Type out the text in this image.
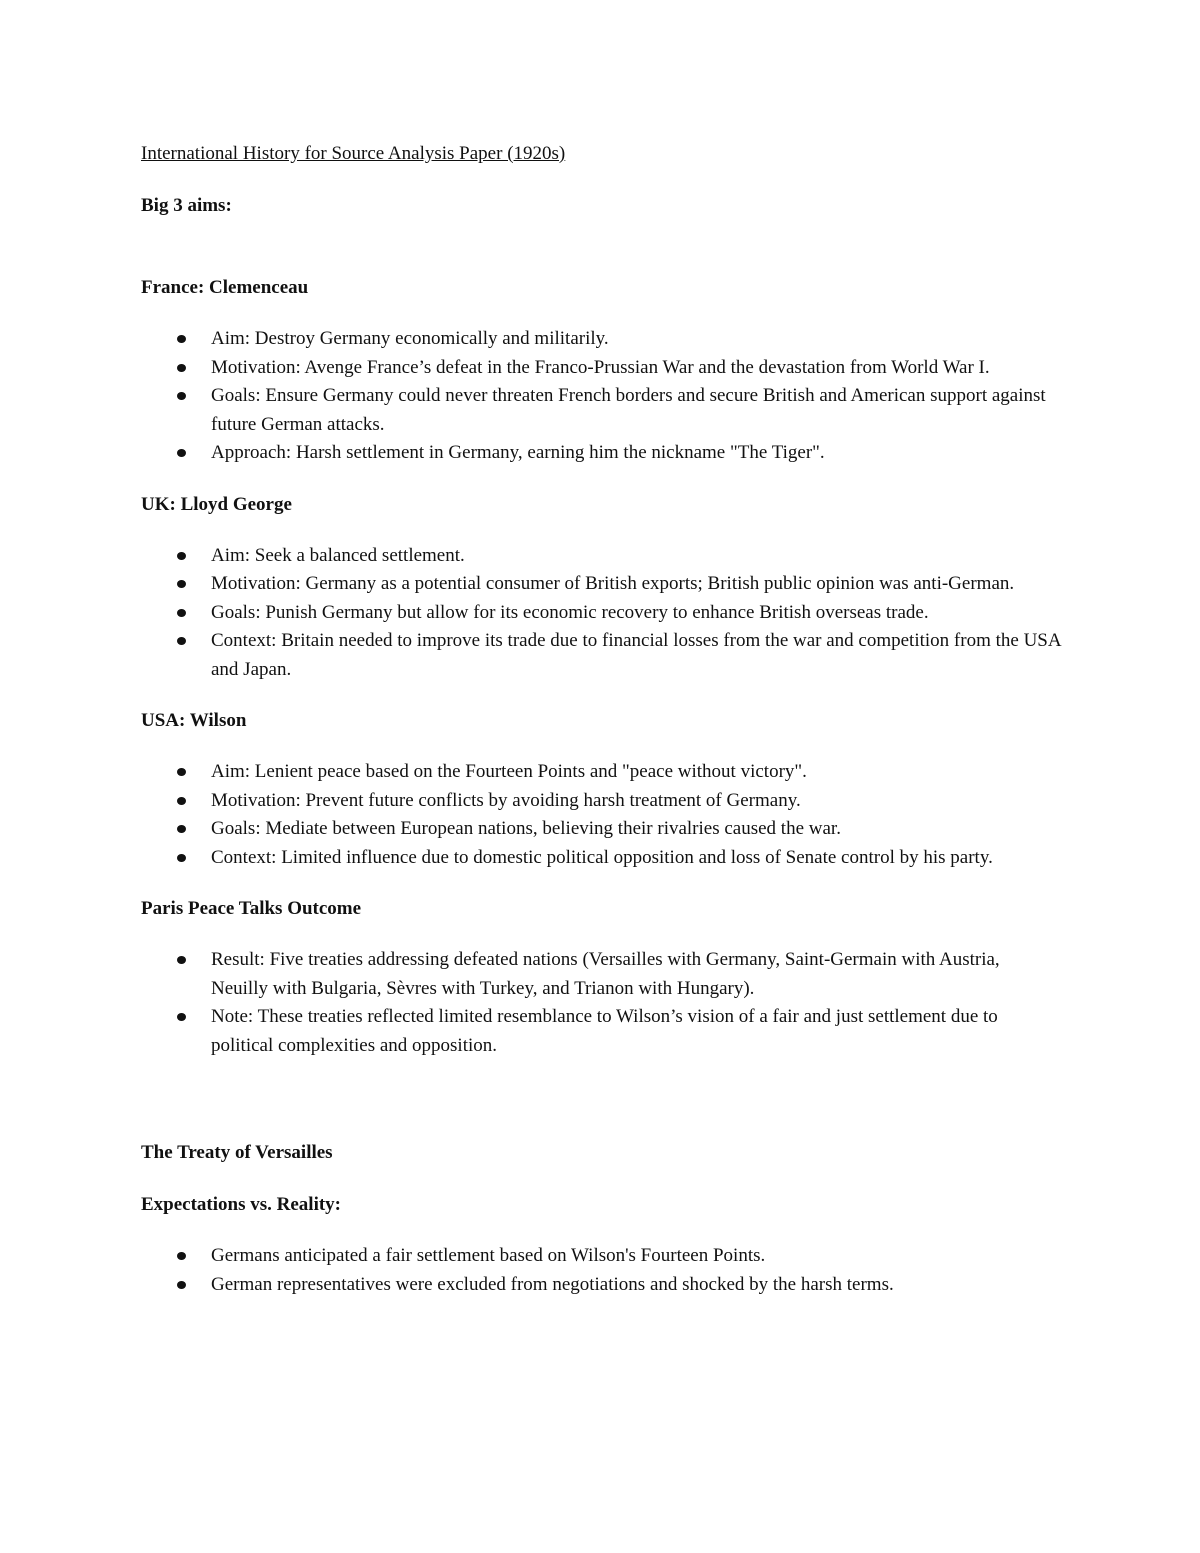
International History for Source Analysis Paper (1920s)
Big 3 aims:
France: Clemenceau
Aim: Destroy Germany economically and militarily.
Motivation: Avenge France’s defeat in the Franco-Prussian War and the devastation from World War I.
Goals: Ensure Germany could never threaten French borders and secure British and American support against future German attacks.
Approach: Harsh settlement in Germany, earning him the nickname "The Tiger".
UK: Lloyd George
Aim: Seek a balanced settlement.
Motivation: Germany as a potential consumer of British exports; British public opinion was anti-German.
Goals: Punish Germany but allow for its economic recovery to enhance British overseas trade.
Context: Britain needed to improve its trade due to financial losses from the war and competition from the USA and Japan.
USA: Wilson
Aim: Lenient peace based on the Fourteen Points and "peace without victory".
Motivation: Prevent future conflicts by avoiding harsh treatment of Germany.
Goals: Mediate between European nations, believing their rivalries caused the war.
Context: Limited influence due to domestic political opposition and loss of Senate control by his party.
Paris Peace Talks Outcome
Result: Five treaties addressing defeated nations (Versailles with Germany, Saint-Germain with Austria, Neuilly with Bulgaria, Sèvres with Turkey, and Trianon with Hungary).
Note: These treaties reflected limited resemblance to Wilson’s vision of a fair and just settlement due to political complexities and opposition.
The Treaty of Versailles
Expectations vs. Reality:
Germans anticipated a fair settlement based on Wilson's Fourteen Points.
German representatives were excluded from negotiations and shocked by the harsh terms.
